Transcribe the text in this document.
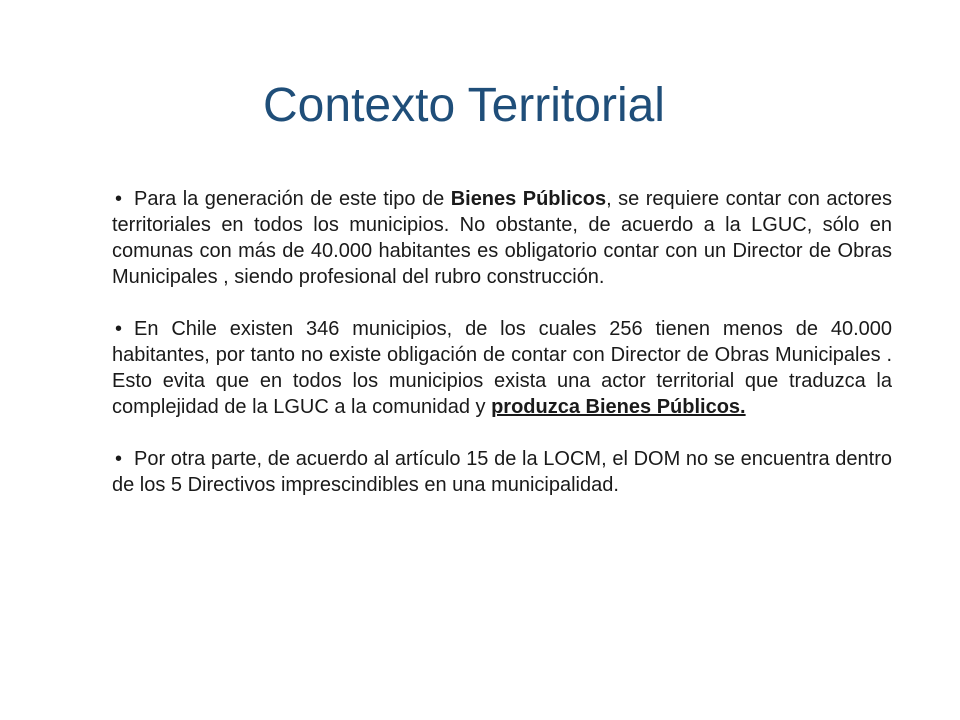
Contexto Territorial

• Para la generación de este tipo de Bienes Públicos, se requiere contar con actores territoriales en todos los municipios. No obstante, de acuerdo a la LGUC, sólo en comunas con más de 40.000 habitantes es obligatorio contar con un Director de Obras Municipales , siendo profesional del rubro construcción.

• En Chile existen 346 municipios, de los cuales 256 tienen menos de 40.000 habitantes, por tanto no existe obligación de contar con Director de Obras Municipales . Esto evita que en todos los municipios exista una actor territorial que traduzca la complejidad de la LGUC a la comunidad y produzca Bienes Públicos.

• Por otra parte, de acuerdo al artículo 15 de la LOCM, el DOM no se encuentra dentro de los 5 Directivos imprescindibles en una municipalidad.
